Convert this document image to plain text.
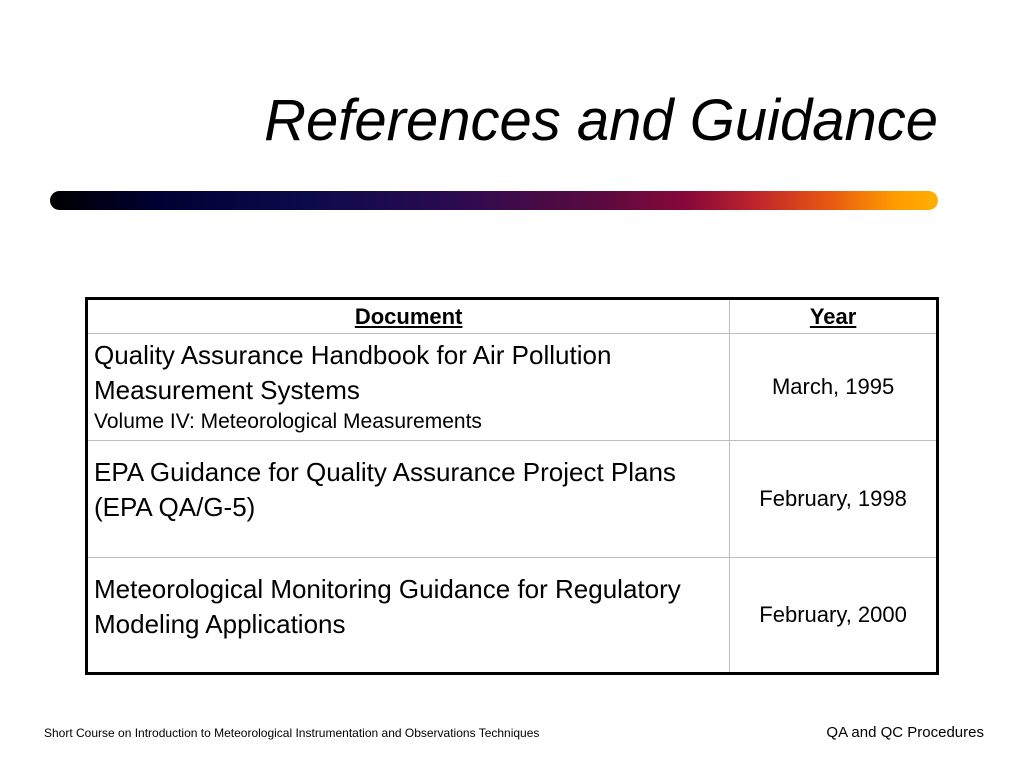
References and Guidance
Document	Year

Quality Assurance Handbook for Air Pollution Measurement Systems
Volume IV: Meteorological Measurements	March, 1995

EPA Guidance for Quality Assurance Project Plans (EPA QA/G-5)	February, 1998

Meteorological Monitoring Guidance for Regulatory Modeling Applications	February, 2000
Short Course on Introduction to Meteorological Instrumentation and Observations Techniques	QA and QC Procedures
